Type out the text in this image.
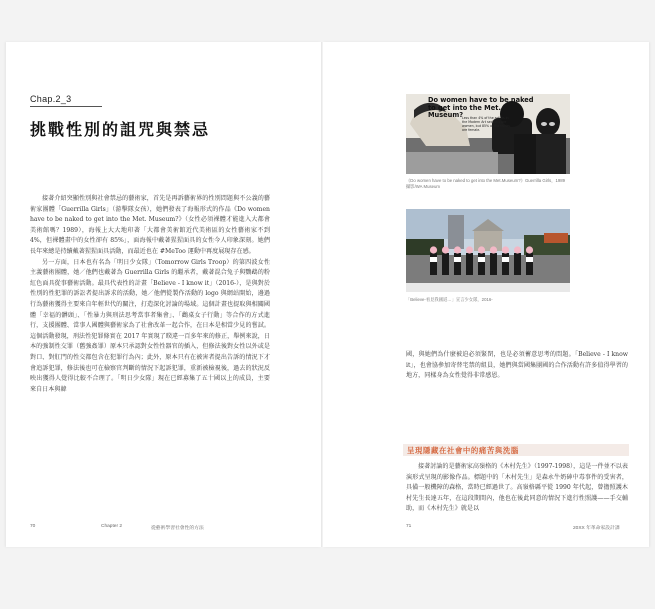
Chap.2_3
挑戰性別的詛咒與禁忌

接著介紹突顯性別與社會禁忌的藝術家，首先是再訴藝術界的性別問題與不公義的藝術家團體「Guerrilla Girls」（游擊隊女孩），她們發表了海報形式的作品《Do women have to be naked to get into the Met. Museum?》（女性必須裸體才能進入大都會美術館嗎？1989），海報上大大地印著「大都會美術館近代美術區的女性藝術家不到 4%，但裸體畫中的女性卻有 85%」，面海報中戴著猩猩面具的女性今人印象深刻。她們長年來總是持續戴著猩猩面具活動，而最近也在 #MeToo 運動中再度展現存在感。

另一方面，日本也有名為「明日少女隊」（Tomorrow Girls Troop）的第四波女性主義藝術團體，她／他們也戴著為 Guerrilla Girls 的繼承者，戴著混合兔子與鸚鵡的粉紅色面具從事藝術活動。最具代表性的計畫「Believe - I know it」（2016-），是與對於性別的性犯罪的訴訟者提出訴求的活動，她／他們從製作活動的 logo 與網站開始，邊過行為藝術獲得主要來自年輕世代的關注，打造深化討論的場域。這個計畫也提取與相關國體「幸福的髒頭」、「性暴力與刑法思考當事者集會」、「鸛桌女子行動」等合作的方式進行，支援團體、當事人國體與藝術家為了社會改革一起合作，在日本是相當少見的嘗試。這個活動發現，刑法性犯罪條實在 2017 年實現了睽違一百多年來的修正，舉例來說，日本的強制性交罪（舊強姦罪）原本只承認對女性性器官的插入，但修法後對女性以外或是對口、對肛門的性交都包含在犯罪行為內；此外，原本只有在被害者提出告訴的情況下才會追訴犯罪，修法後也可在檢察官判斷的情況下起訴犯罪，重新被檢視後，過去的狀況反映出獲得人覺得比較不合理了。「明日少女隊」現在已經募集了五十國以上的成員，主要來自日本與韓

70	Chapter 2	從藝術學習社會性的方法
Do women have to be naked to get into the Met. Museum?
Less than 4% of the artists in the Modern Art sections are women, but 85% of the nudes are female.
《Do women have to be naked to get into the Met.Museum?》Guerrilla Girls，1989
攝影/WA Museum
「Believe-看見我國道…」宣言少女隊，2016-

國，與她們為什麼被迫必須緊閉，也是必須蓄意思考的問題。「Believe - I know it」，也會協參加寄替宅禁的組員，她們與當國集團國的合作活動有許多值得學習的地方，同樣身為女性覺得非常感恩。

呈現隱藏在社會中的痛苦與洗腦

接著討論的是藝術家高嶺格的《木村先生》（1997-1998），這是一件並不以表演形式呈現的影像作品。標題中的「木村先生」是森永牛奶砷中毒事件的受害者，具備一般機障的森格，當時已經過世了。高嶺格縣平從 1990 年代起，曾擔照護木村先生長達五年，在這段期間內，他也在後此同意的情況下進行性照護——手交輔助，而《木村先生》就是以

71	20XX 年革命家設計課
